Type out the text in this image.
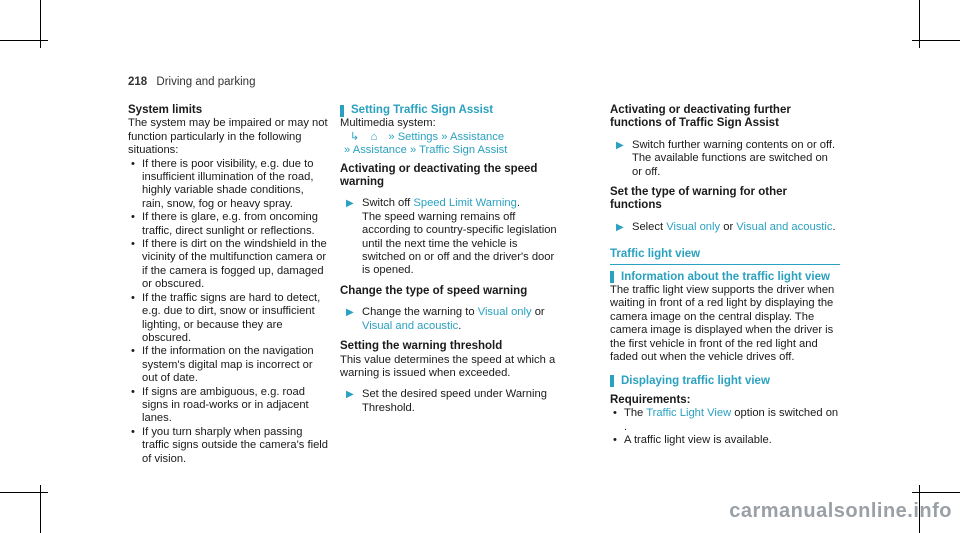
218 Driving and parking

System limits

The system may be impaired or may not function particularly in the following situations:

• If there is poor visibility, e.g. due to insufficient illumination of the road, highly variable shade conditions, rain, snow, fog or heavy spray.
• If there is glare, e.g. from oncoming traffic, direct sunlight or reflections.
• If there is dirt on the windshield in the vicinity of the multifunction camera or if the camera is fogged up, damaged or obscured.
• If the traffic signs are hard to detect, e.g. due to dirt, snow or insufficient lighting, or because they are obscured.
• If the information on the navigation system's digital map is incorrect or out of date.
• If signs are ambiguous, e.g. road signs in road-works or in adjacent lanes.
• If you turn sharply when passing traffic signs outside the camera's field of vision.
Setting Traffic Sign Assist

Multimedia system:

↳ ⌂ » Settings » Assistance

» Assistance » Traffic Sign Assist

Activating or deactivating the speed warning

▶ Switch off Speed Limit Warning.

The speed warning remains off according to country-specific legislation until the next time the vehicle is switched on or off and the driver's door is opened.

Change the type of speed warning

▶ Change the warning to Visual only or Visual and acoustic.

Setting the warning threshold

This value determines the speed at which a warning is issued when exceeded.

▶ Set the desired speed under Warning Threshold.

Activating or deactivating further functions of Traffic Sign Assist

▶ Switch further warning contents on or off.

The available functions are switched on or off.

Set the type of warning for other functions

▶ Select Visual only or Visual and acoustic.
Traffic light view
Information about the traffic light view

The traffic light view supports the driver when waiting in front of a red light by displaying the camera image on the central display. The camera image is displayed when the driver is the first vehicle in front of the red light and faded out when the vehicle drives off.

Displaying traffic light view

Requirements:

• The Traffic Light View option is switched on .
• A traffic light view is available.
carmanualsonline.info
